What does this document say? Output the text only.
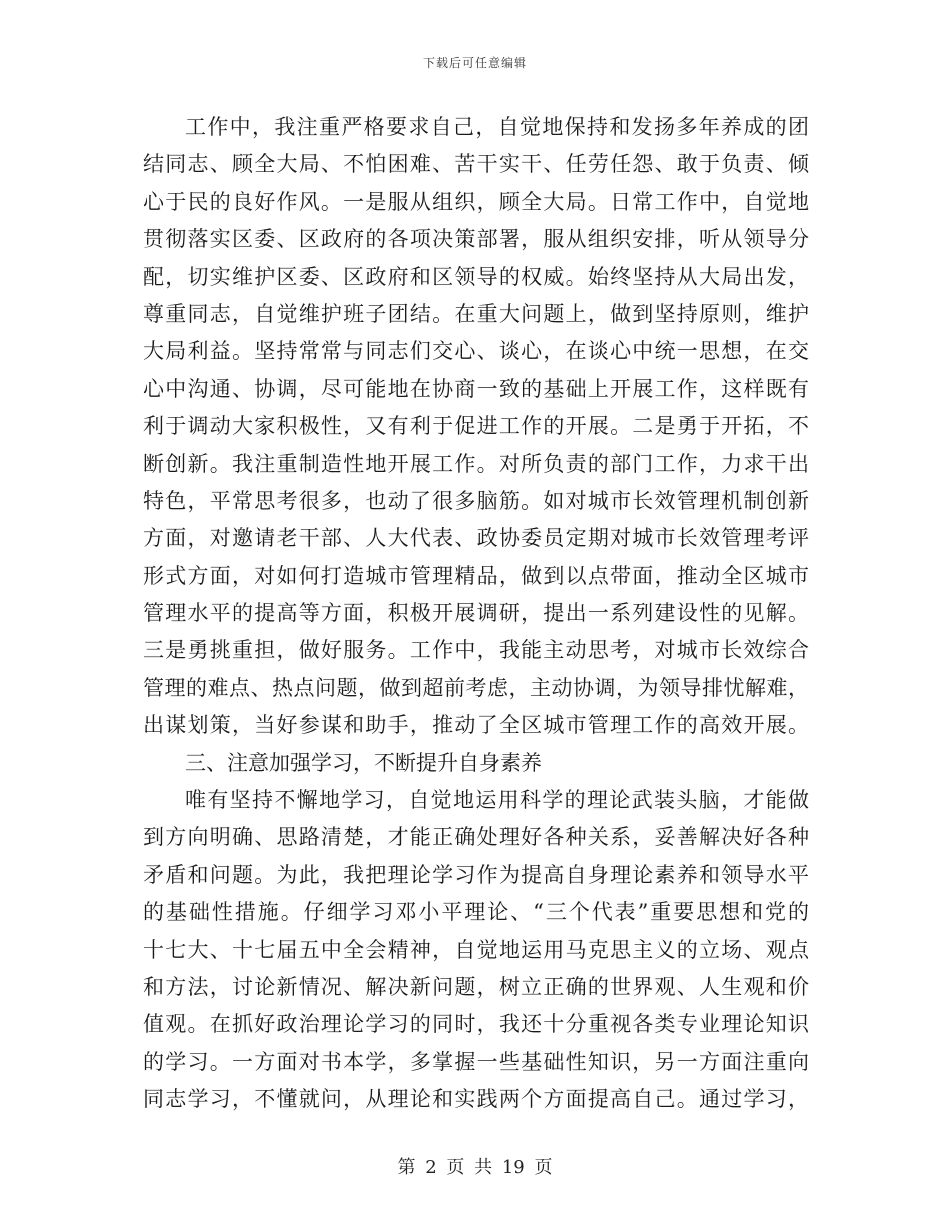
下载后可任意编辑
工作中，我注重严格要求自己，自觉地保持和发扬多年养成的团
结同志、顾全大局、不怕困难、苦干实干、任劳任怨、敢于负责、倾
心于民的良好作风。一是服从组织，顾全大局。日常工作中，自觉地
贯彻落实区委、区政府的各项决策部署，服从组织安排，听从领导分
配，切实维护区委、区政府和区领导的权威。始终坚持从大局出发，
尊重同志，自觉维护班子团结。在重大问题上，做到坚持原则，维护
大局利益。坚持常常与同志们交心、谈心，在谈心中统一思想，在交
心中沟通、协调，尽可能地在协商一致的基础上开展工作，这样既有
利于调动大家积极性，又有利于促进工作的开展。二是勇于开拓，不
断创新。我注重制造性地开展工作。对所负责的部门工作，力求干出
特色，平常思考很多，也动了很多脑筋。如对城市长效管理机制创新
方面，对邀请老干部、人大代表、政协委员定期对城市长效管理考评
形式方面，对如何打造城市管理精品，做到以点带面，推动全区城市
管理水平的提高等方面，积极开展调研，提出一系列建设性的见解。
三是勇挑重担，做好服务。工作中，我能主动思考，对城市长效综合
管理的难点、热点问题，做到超前考虑，主动协调，为领导排忧解难，
出谋划策，当好参谋和助手，推动了全区城市管理工作的高效开展。
三、注意加强学习，不断提升自身素养
唯有坚持不懈地学习，自觉地运用科学的理论武装头脑，才能做
到方向明确、思路清楚，才能正确处理好各种关系，妥善解决好各种
矛盾和问题。为此，我把理论学习作为提高自身理论素养和领导水平
的基础性措施。仔细学习邓小平理论、“三个代表”重要思想和党的
十七大、十七届五中全会精神，自觉地运用马克思主义的立场、观点
和方法，讨论新情况、解决新问题，树立正确的世界观、人生观和价
值观。在抓好政治理论学习的同时，我还十分重视各类专业理论知识
的学习。一方面对书本学，多掌握一些基础性知识，另一方面注重向
同志学习，不懂就问，从理论和实践两个方面提高自己。通过学习，
第 2 页 共 19 页
